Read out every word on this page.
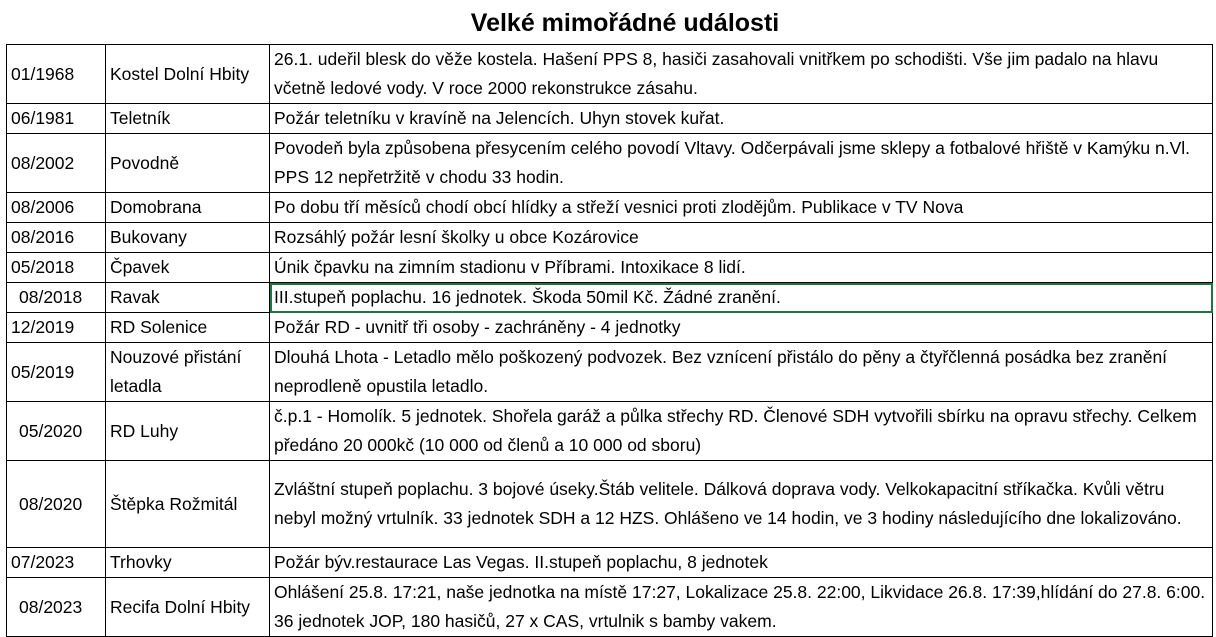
Velké mimořádné události
01/1968	Kostel Dolní Hbity	26.1. udeřil blesk do věže kostela. Hašení PPS 8, hasiči zasahovali vnitřkem po schodišti. Vše jim padalo na hlavu včetně ledové vody. V roce 2000 rekonstrukce zásahu.
06/1981	Teletník	Požár teletníku v kravíně na Jelencích. Uhyn stovek kuřat.
08/2002	Povodně	Povodeň byla způsobena přesycením celého povodí Vltavy. Odčerpávali jsme sklepy a fotbalové hřiště v Kamýku n.Vl. PPS 12 nepřetržitě v chodu 33 hodin.
08/2006	Domobrana	Po dobu tří měsíců chodí obcí hlídky a střeží vesnici proti zlodějům. Publikace v TV Nova
08/2016	Bukovany	Rozsáhlý požár lesní školky u obce Kozárovice
05/2018	Čpavek	Únik čpavku na zimním stadionu v Příbrami. Intoxikace 8 lidí.
08/2018	Ravak	III.stupeň poplachu. 16 jednotek. Škoda 50mil Kč. Žádné zranění.
12/2019	RD Solenice	Požár RD - uvnitř tři osoby - zachráněny - 4 jednotky
05/2019	Nouzové přistání letadla	Dlouhá Lhota - Letadlo mělo poškozený podvozek. Bez vznícení přistálo do pěny a čtyřčlenná posádka bez zranění neprodleně opustila letadlo.
05/2020	RD Luhy	č.p.1 - Homolík. 5 jednotek. Shořela garáž a půlka střechy RD. Členové SDH vytvořili sbírku na opravu střechy. Celkem předáno 20 000kč (10 000 od členů a 10 000 od sboru)
08/2020	Štěpka Rožmitál	Zvláštní stupeň poplachu. 3 bojové úseky.Štáb velitele. Dálková doprava vody. Velkokapacitní stříkačka. Kvůli větru nebyl možný vrtulník. 33 jednotek SDH a 12 HZS. Ohlášeno ve 14 hodin, ve 3 hodiny následujícího dne lokalizováno.
07/2023	Trhovky	Požár býv.restaurace Las Vegas. II.stupeň poplachu, 8 jednotek
08/2023	Recifa Dolní Hbity	Ohlášení 25.8. 17:21, naše jednotka na místě 17:27, Lokalizace 25.8. 22:00, Likvidace 26.8. 17:39,hlídání do 27.8. 6:00. 36 jednotek JOP, 180 hasičů, 27 x CAS, vrtulnik s bamby vakem.
